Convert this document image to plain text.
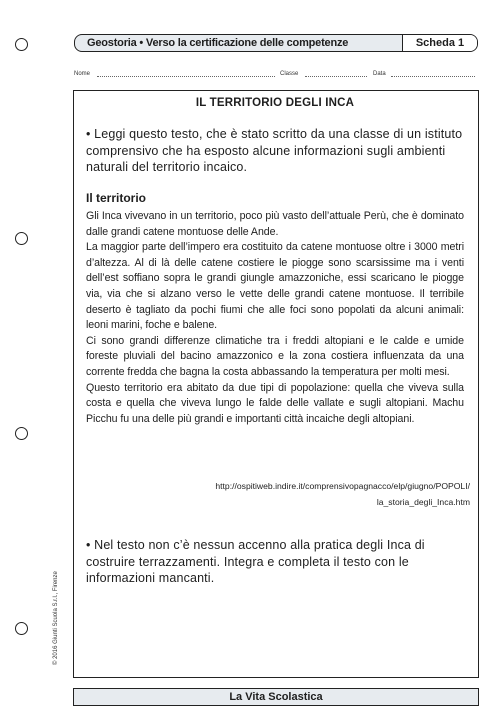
Geostoria • Verso la certificazione delle competenze	Scheda 1
Nome	Classe	Data
IL TERRITORIO DEGLI INCA
• Leggi questo testo, che è stato scritto da una classe di un istituto comprensivo che ha esposto alcune informazioni sugli ambienti naturali del territorio incaico.
Il territorio

Gli Inca vivevano in un territorio, poco più vasto dell’attuale Perù, che è dominato dalle grandi catene montuose delle Ande.

La maggior parte dell’impero era costituito da catene montuose oltre i 3000 metri d’altezza. Al di là delle catene costiere le piogge sono scarsissime ma i venti dell’est soffiano sopra le grandi giungle amazzoniche, essi scaricano le piogge via, via che si alzano verso le vette delle grandi catene montuose. Il terribile deserto è tagliato da pochi fiumi che alle foci sono popolati da alcuni animali: leoni marini, foche e balene.

Ci sono grandi differenze climatiche tra i freddi altopiani e le calde e umide foreste pluviali del bacino amazzonico e la zona costiera influenzata da una corrente fredda che bagna la costa abbassando la temperatura per molti mesi.

Questo territorio era abitato da due tipi di popolazione: quella che viveva sulla costa e quella che viveva lungo le falde delle vallate e sugli altopiani. Machu Picchu fu una delle più grandi e importanti città incaiche degli altopiani.

http://ospitiweb.indire.it/comprensivopagnacco/elp/giugno/POPOLI/
la_storia_degli_Inca.htm
• Nel testo non c’è nessun accenno alla pratica degli Inca di costruire terrazzamenti. Integra e completa il testo con le informazioni mancanti.
© 2016 Giunti Scuola S.r.l., Firenze
La Vita Scolastica
